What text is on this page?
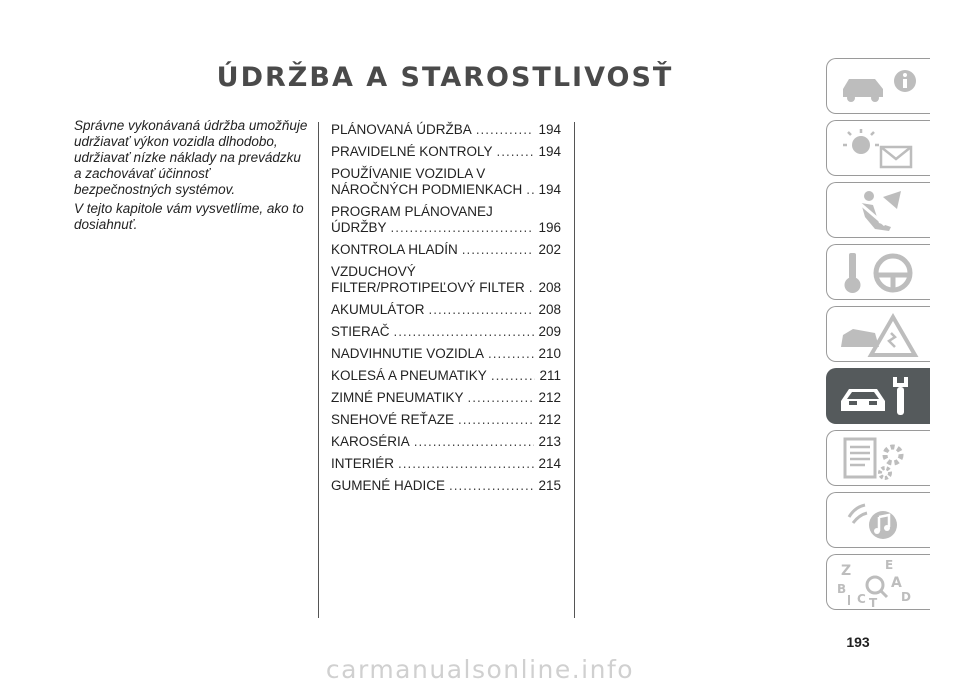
ÚDRŽBA A STAROSTLIVOSŤ

Správne vykonávaná údržba umožňuje udržiavať výkon vozidla dlhodobo, udržiavať nízke náklady na prevádzku a zachovávať účinnosť bezpečnostných systémov.

V tejto kapitole vám vysvetlíme, ako to dosiahnuť.

PLÁNOVANÁ ÚDRŽBA .....	194
PRAVIDELNÉ KONTROLY .....	194
POUŽÍVANIE VOZIDLA V
NÁROČNÝCH PODMIENKACH ..... 194
PROGRAM PLÁNOVANEJ
ÚDRŽBY .....	196
KONTROLA HLADÍN .....	202
VZDUCHOVÝ
FILTER/PROTIPEĽOVÝ FILTER ..... 208
AKUMULÁTOR .....	208
STIERAČ .....	209
NADVIHNUTIE VOZIDLA .....	210
KOLESÁ A PNEUMATIKY .....	211
ZIMNÉ PNEUMATIKY .....	212
SNEHOVÉ REŤAZE .....	212
KAROSÉRIA .....	213
INTERIÉR .....	214
GUMENÉ HADICE .....	215
Z	E
B	A
C T D
193
carmanualsonline.info
